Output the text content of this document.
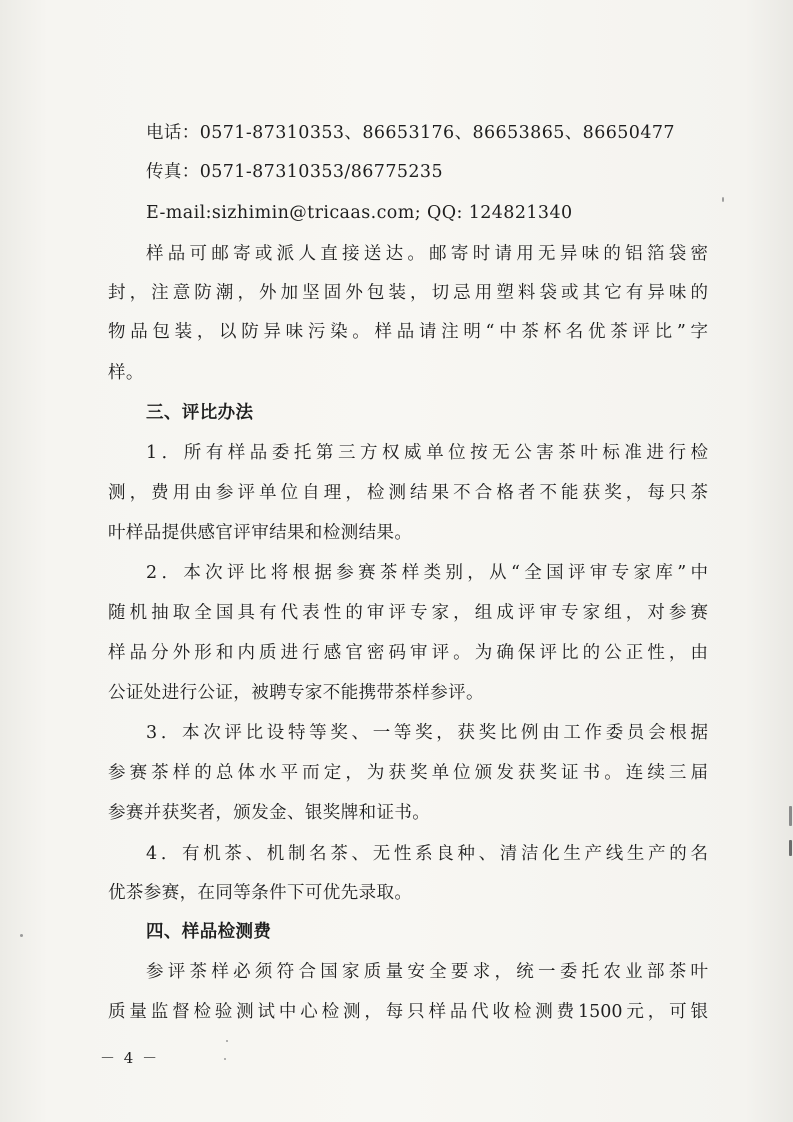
电话：0571-87310353、86653176、86653865、86650477
传真：0571-87310353/86775235
E-mail:sizhimin@tricaas.com; QQ: 124821340
样品可邮寄或派人直接送达。邮寄时请用无异味的铝箔袋密
封，注意防潮，外加坚固外包装，切忌用塑料袋或其它有异味的
物品包装，以防异味污染。样品请注明“中茶杯名优茶评比”字
样。
三、评比办法
1．所有样品委托第三方权威单位按无公害茶叶标准进行检
测，费用由参评单位自理，检测结果不合格者不能获奖，每只茶
叶样品提供感官评审结果和检测结果。
2．本次评比将根据参赛茶样类别，从“全国评审专家库”中
随机抽取全国具有代表性的审评专家，组成评审专家组，对参赛
样品分外形和内质进行感官密码审评。为确保评比的公正性，由
公证处进行公证，被聘专家不能携带茶样参评。
3．本次评比设特等奖、一等奖，获奖比例由工作委员会根据
参赛茶样的总体水平而定，为获奖单位颁发获奖证书。连续三届
参赛并获奖者，颁发金、银奖牌和证书。
4．有机茶、机制名茶、无性系良种、清洁化生产线生产的名
优茶参赛，在同等条件下可优先录取。
四、样品检测费
参评茶样必须符合国家质量安全要求，统一委托农业部茶叶
质量监督检验测试中心检测，每只样品代收检测费1500元，可银
－ 4 －
